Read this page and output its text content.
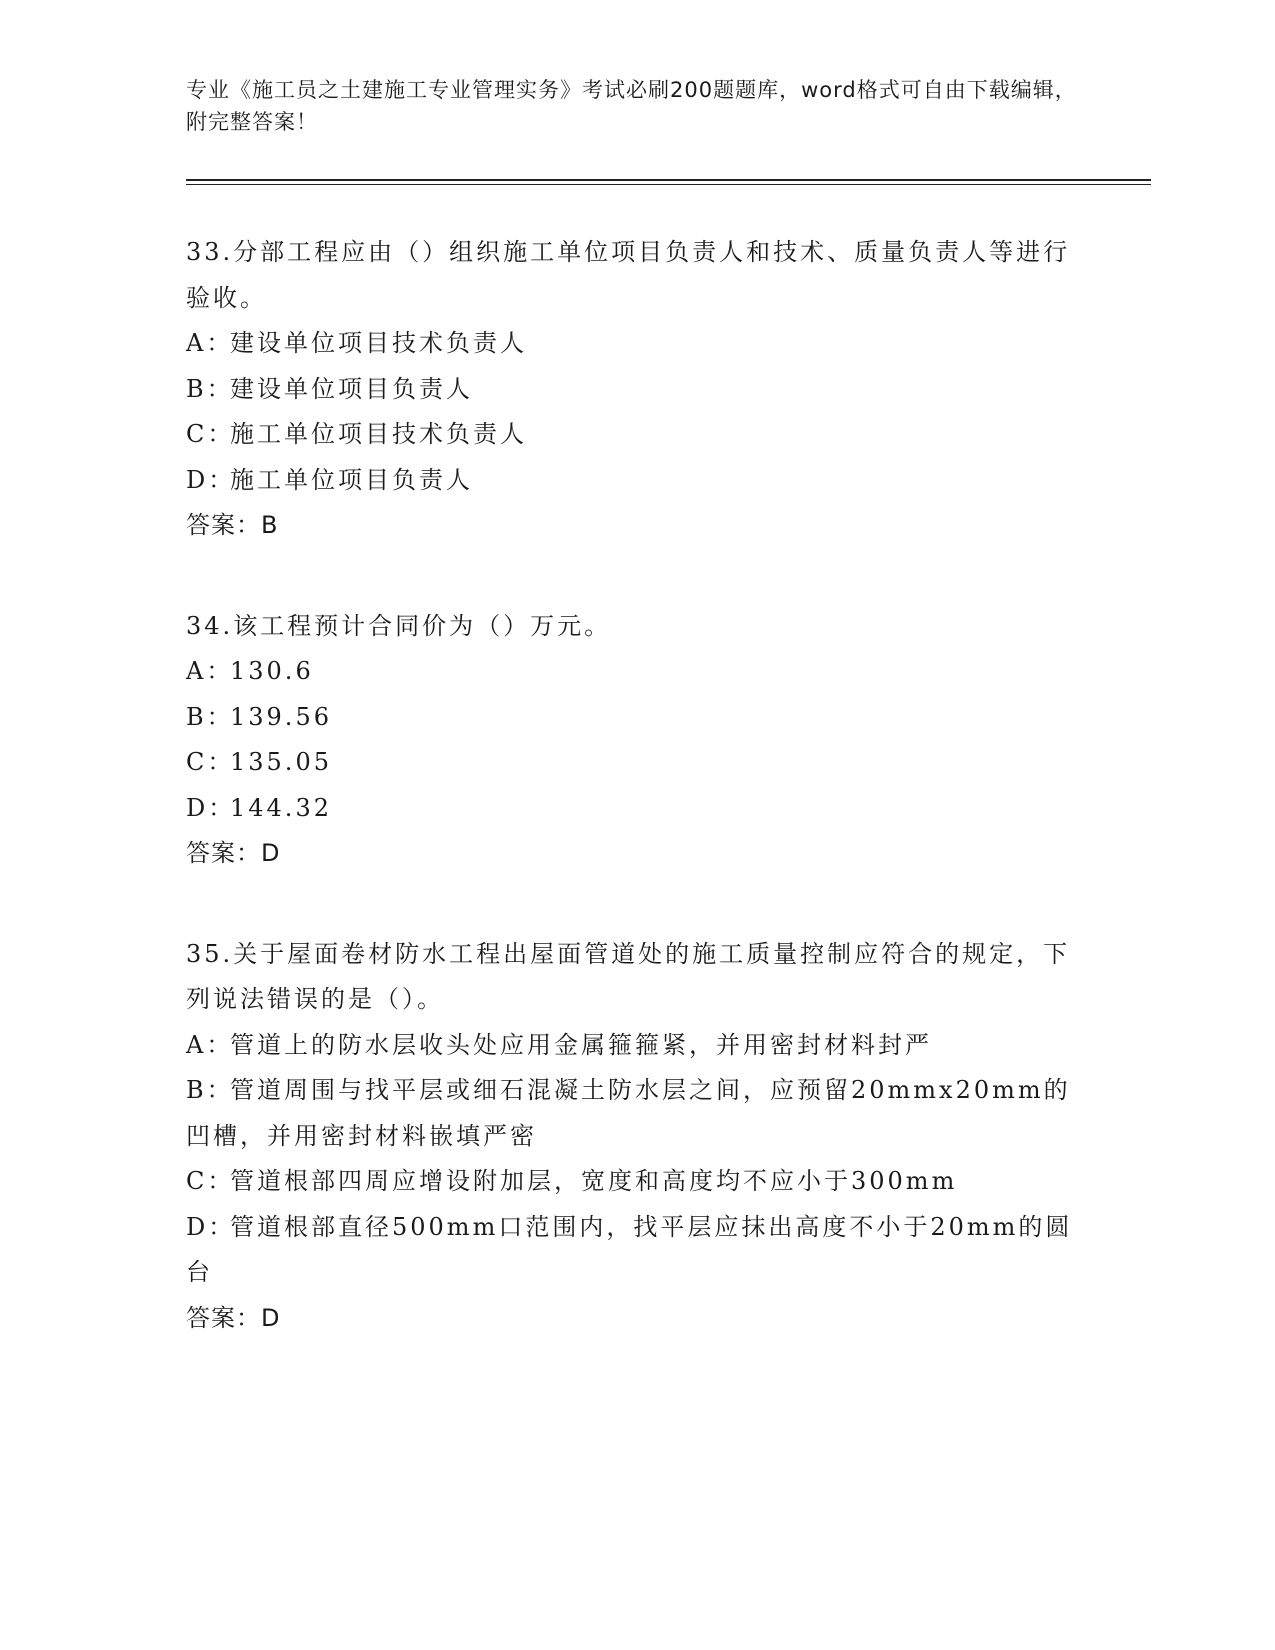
专业《施工员之土建施工专业管理实务》考试必刷200题题库，word格式可自由下载编辑，附完整答案！
33.分部工程应由（）组织施工单位项目负责人和技术、质量负责人等进行验收。
A：建设单位项目技术负责人
B：建设单位项目负责人
C：施工单位项目技术负责人
D：施工单位项目负责人
答案：B
34.该工程预计合同价为（）万元。
A：130.6
B：139.56
C：135.05
D：144.32
答案：D
35.关于屋面卷材防水工程出屋面管道处的施工质量控制应符合的规定，下列说法错误的是（）。
A：管道上的防水层收头处应用金属箍箍紧，并用密封材料封严
B：管道周围与找平层或细石混凝土防水层之间，应预留20mmx20mm的凹槽，并用密封材料嵌填严密
C：管道根部四周应增设附加层，宽度和高度均不应小于300mm
D：管道根部直径500mm口范围内，找平层应抹出高度不小于20mm的圆台
答案：D
